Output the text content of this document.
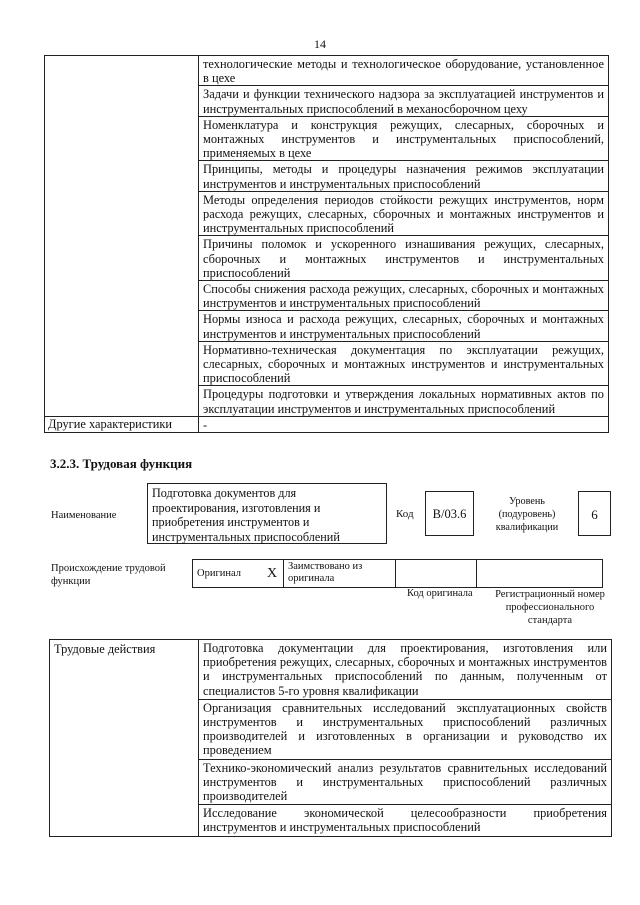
14
	технологические методы и технологическое оборудование, установленное в цехе
	Задачи и функции технического надзора за эксплуатацией инструментов и инструментальных приспособлений в механосборочном цеху
	Номенклатура и конструкция режущих, слесарных, сборочных и монтажных инструментов и инструментальных приспособлений, применяемых в цехе
	Принципы, методы и процедуры назначения режимов эксплуатации инструментов и инструментальных приспособлений
	Методы определения периодов стойкости режущих инструментов, норм расхода режущих, слесарных, сборочных и монтажных инструментов и инструментальных приспособлений
	Причины поломок и ускоренного изнашивания режущих, слесарных, сборочных и монтажных инструментов и инструментальных приспособлений
	Способы снижения расхода режущих, слесарных, сборочных и монтажных инструментов и инструментальных приспособлений
	Нормы износа и расхода режущих, слесарных, сборочных и монтажных инструментов и инструментальных приспособлений
	Нормативно-техническая документация по эксплуатации режущих, слесарных, сборочных и монтажных инструментов и инструментальных приспособлений
	Процедуры подготовки и утверждения локальных нормативных актов по эксплуатации инструментов и инструментальных приспособлений
Другие характеристики	-
3.2.3. Трудовая функция
Наименование
Подготовка документов для проектирования, изготовления и приобретения инструментов и инструментальных приспособлений
Код	B/03.6
Уровень (подуровень) квалификации
6
Происхождение трудовой функции
Оригинал	X	Заимствовано из оригинала		
Код оригинала	Регистрационный номер профессионального стандарта
Трудовые действия	Подготовка документации для проектирования, изготовления или приобретения режущих, слесарных, сборочных и монтажных инструментов и инструментальных приспособлений по данным, полученным от специалистов 5-го уровня квалификации
Организация сравнительных исследований эксплуатационных свойств инструментов и инструментальных приспособлений различных производителей и изготовленных в организации и руководство их проведением
Технико-экономический анализ результатов сравнительных исследований инструментов и инструментальных приспособлений различных производителей
Исследование экономической целесообразности приобретения инструментов и инструментальных приспособлений
